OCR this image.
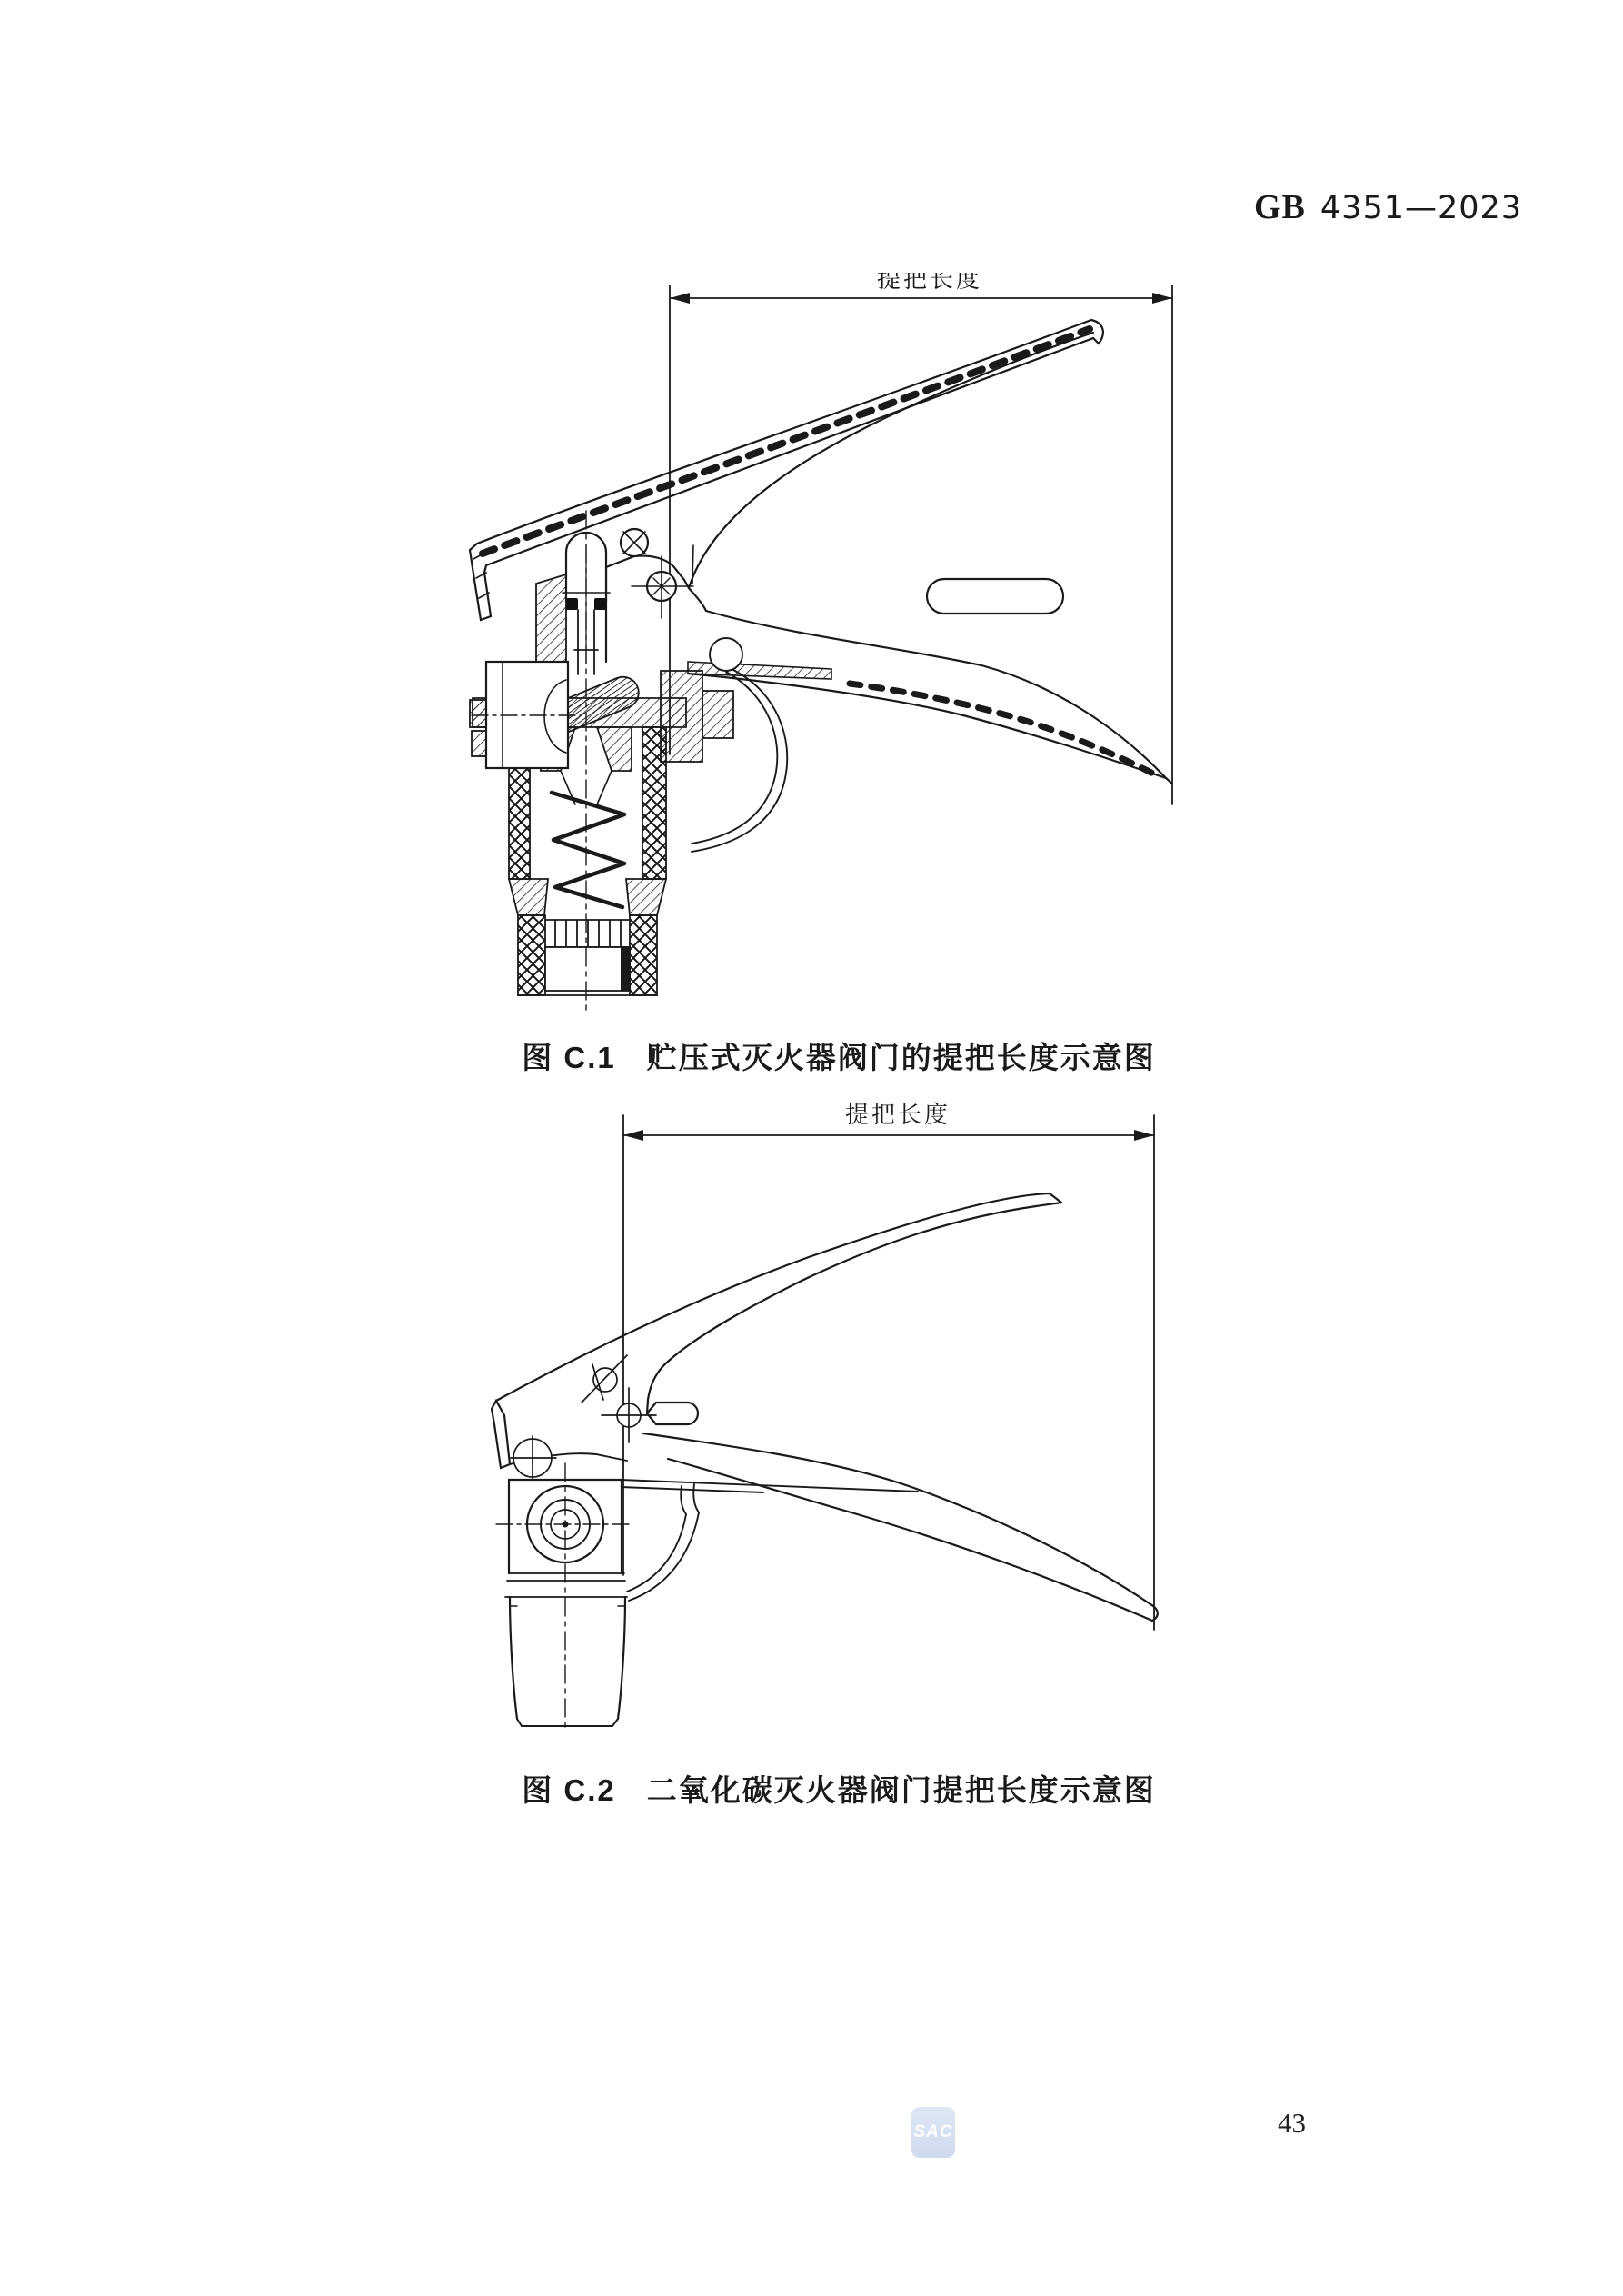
GB 4351—2023
提把长度
图 C.1 贮压式灭火器阀门的提把长度示意图
提把长度
图 C.2 二氧化碳灭火器阀门提把长度示意图
SAC	43
